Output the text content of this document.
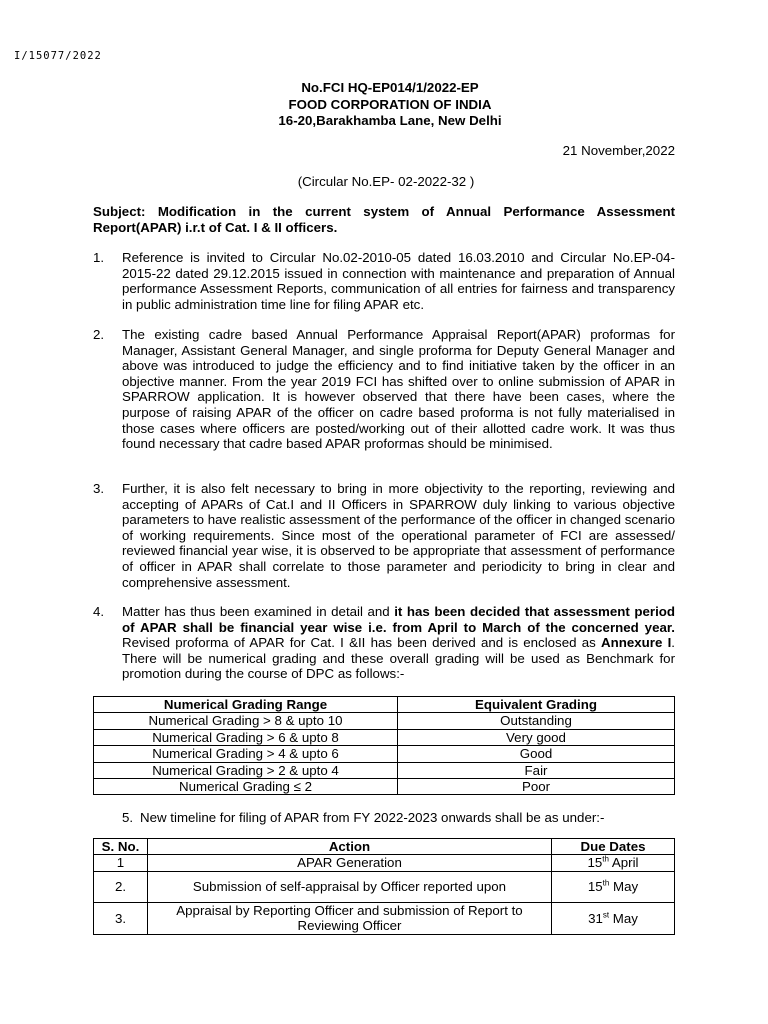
I/15077/2022
No.FCI HQ-EP014/1/2022-EP
FOOD CORPORATION OF INDIA
16-20,Barakhamba Lane, New Delhi
21 November,2022
(Circular No.EP- 02-2022-32 )
Subject: Modification in the current system of Annual Performance Assessment Report(APAR) i.r.t of Cat. I & II officers.
1. Reference is invited to Circular No.02-2010-05 dated 16.03.2010 and Circular No.EP-04-2015-22 dated 29.12.2015 issued in connection with maintenance and preparation of Annual performance Assessment Reports, communication of all entries for fairness and transparency in public administration time line for filing APAR etc.
2. The existing cadre based Annual Performance Appraisal Report(APAR) proformas for Manager, Assistant General Manager, and single proforma for Deputy General Manager and above was introduced to judge the efficiency and to find initiative taken by the officer in an objective manner. From the year 2019 FCI has shifted over to online submission of APAR in SPARROW application. It is however observed that there have been cases, where the purpose of raising APAR of the officer on cadre based proforma is not fully materialised in those cases where officers are posted/working out of their allotted cadre work. It was thus found necessary that cadre based APAR proformas should be minimised.
3. Further, it is also felt necessary to bring in more objectivity to the reporting, reviewing and accepting of APARs of Cat.I and II Officers in SPARROW duly linking to various objective parameters to have realistic assessment of the performance of the officer in changed scenario of working requirements. Since most of the operational parameter of FCI are assessed/ reviewed financial year wise, it is observed to be appropriate that assessment of performance of officer in APAR shall correlate to those parameter and periodicity to bring in clear and comprehensive assessment.
4. Matter has thus been examined in detail and it has been decided that assessment period of APAR shall be financial year wise i.e. from April to March of the concerned year. Revised proforma of APAR for Cat. I &II has been derived and is enclosed as Annexure I. There will be numerical grading and these overall grading will be used as Benchmark for promotion during the course of DPC as follows:-
Numerical Grading Range	Equivalent Grading
Numerical Grading > 8 & upto 10	Outstanding
Numerical Grading > 6 & upto 8	Very good
Numerical Grading > 4 & upto 6	Good
Numerical Grading > 2 & upto 4	Fair
Numerical Grading ≤ 2	Poor
5. New timeline for filing of APAR from FY 2022-2023 onwards shall be as under:-
S. No.	Action	Due Dates
1	APAR Generation	15th April
2.	Submission of self-appraisal by Officer reported upon	15th May
3.	Appraisal by Reporting Officer and submission of Report to Reviewing Officer	31st May
